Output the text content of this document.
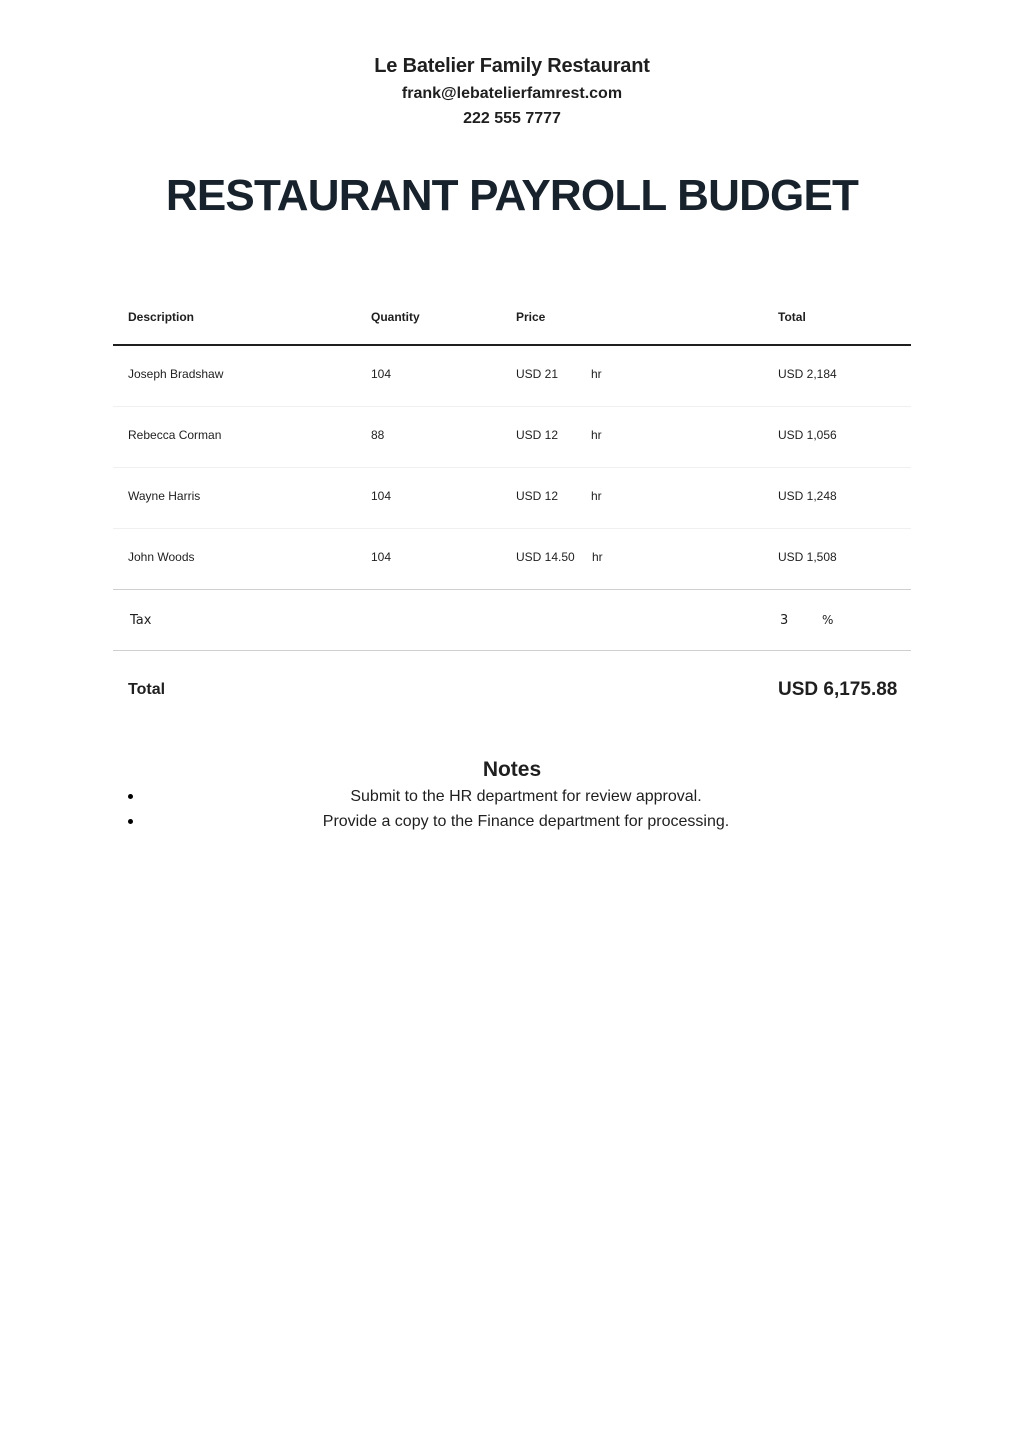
Le Batelier Family Restaurant
frank@lebatelierfamrest.com
222 555 7777
RESTAURANT PAYROLL BUDGET
Description	Quantity	Price	Total
Joseph Bradshaw	104	USD 21	hr	USD 2,184
Rebecca Corman	88	USD 12	hr	USD 1,056
Wayne Harris	104	USD 12	hr	USD 1,248
John Woods	104	USD 14.50 hr	USD 1,508
Tax	3	%
Total	USD 6,175.88
Notes
Submit to the HR department for review approval.
Provide a copy to the Finance department for processing.
